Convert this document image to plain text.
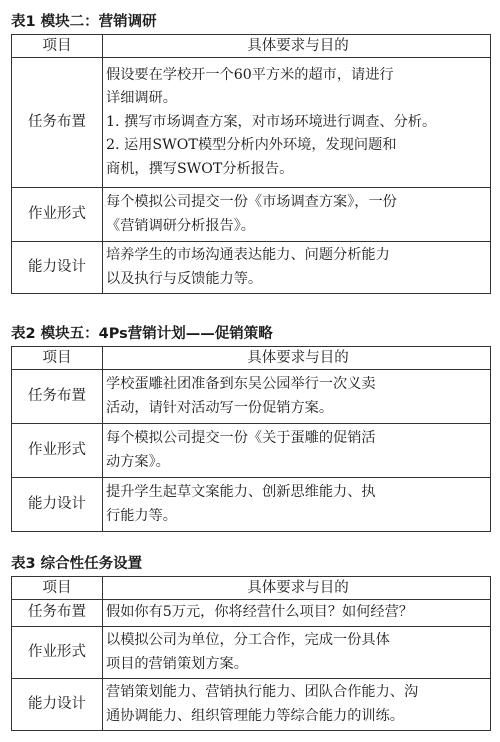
表1 模块二：营销调研
项目	具体要求与目的
任务布置	假设要在学校开一个60平方米的超市，请进行
详细调研。
1. 撰写市场调查方案，对市场环境进行调查、分析。
2. 运用SWOT模型分析内外环境，发现问题和
商机，撰写SWOT分析报告。

作业形式	每个模拟公司提交一份《市场调查方案》，一份
《营销调研分析报告》。

能力设计	培养学生的市场沟通表达能力、问题分析能力
以及执行与反馈能力等。
表2 模块五：4Ps营销计划——促销策略
项目	具体要求与目的
任务布置	学校蛋雕社团准备到东吴公园举行一次义卖
活动，请针对活动写一份促销方案。

作业形式	每个模拟公司提交一份《关于蛋雕的促销活
动方案》。

能力设计	提升学生起草文案能力、创新思维能力、执
行能力等。
表3 综合性任务设置
项目	具体要求与目的
任务布置	假如你有5万元，你将经营什么项目？如何经营？

作业形式	以模拟公司为单位，分工合作，完成一份具体
项目的营销策划方案。

能力设计	营销策划能力、营销执行能力、团队合作能力、沟
通协调能力、组织管理能力等综合能力的训练。
